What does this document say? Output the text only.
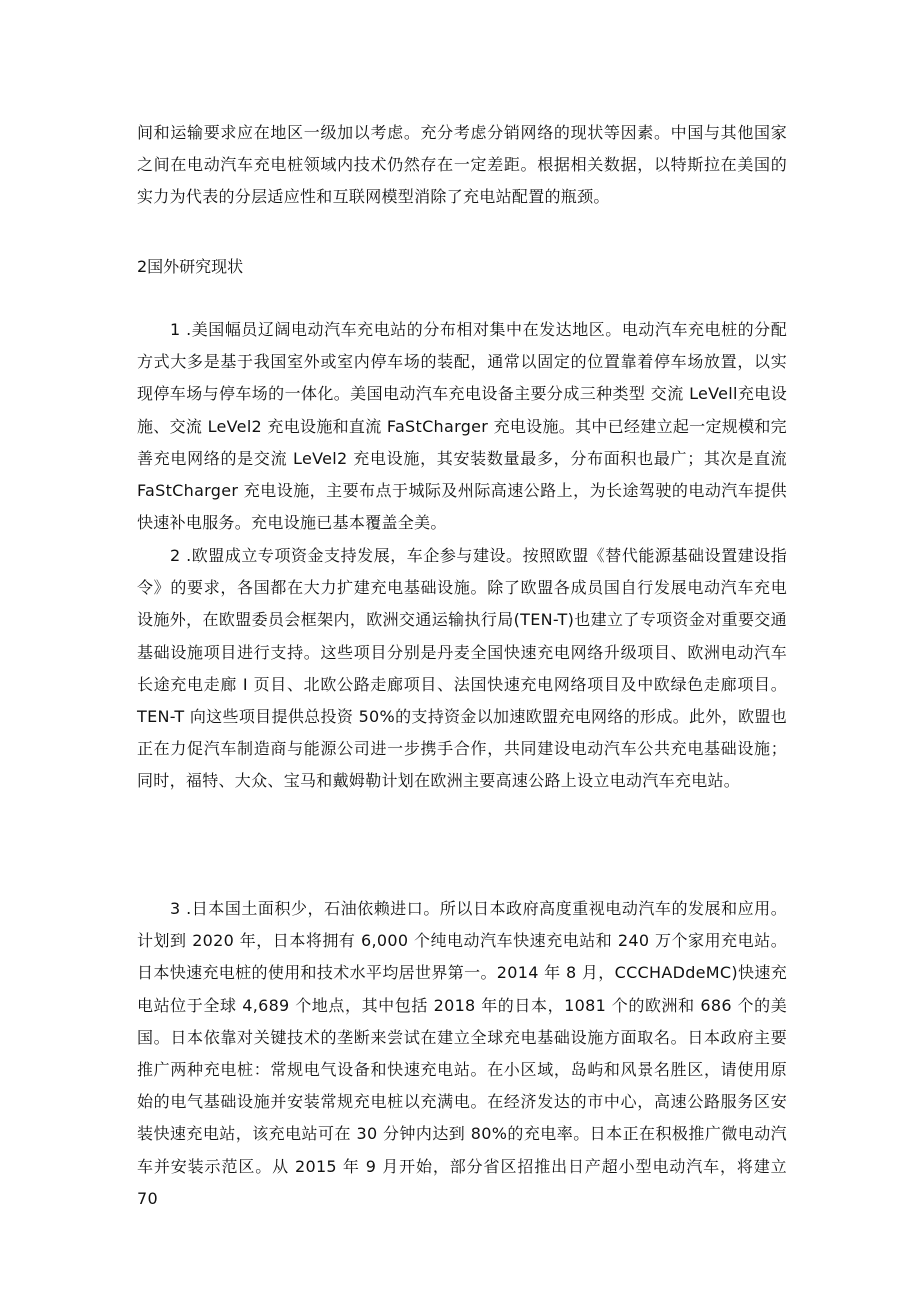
间和运输要求应在地区一级加以考虑。充分考虑分销网络的现状等因素。中国与其他国家之间在电动汽车充电桩领域内技术仍然存在一定差距。根据相关数据，以特斯拉在美国的实力为代表的分层适应性和互联网模型消除了充电站配置的瓶颈。

2国外研究现状

1 .美国幅员辽阔电动汽车充电站的分布相对集中在发达地区。电动汽车充电桩的分配方式大多是基于我国室外或室内停车场的装配，通常以固定的位置靠着停车场放置，以实现停车场与停车场的一体化。美国电动汽车充电设备主要分成三种类型 交流 LeVell充电设施、交流 LeVel2 充电设施和直流 FaStCharger 充电设施。其中已经建立起一定规模和完善充电网络的是交流 LeVel2 充电设施，其安装数量最多，分布面积也最广；其次是直流 FaStCharger 充电设施，主要布点于城际及州际高速公路上，为长途驾驶的电动汽车提供快速补电服务。充电设施已基本覆盖全美。

2 .欧盟成立专项资金支持发展，车企参与建设。按照欧盟《替代能源基础设置建设指令》的要求，各国都在大力扩建充电基础设施。除了欧盟各成员国自行发展电动汽车充电设施外，在欧盟委员会框架内，欧洲交通运输执行局(TEN-T)也建立了专项资金对重要交通基础设施项目进行支持。这些项目分别是丹麦全国快速充电网络升级项目、欧洲电动汽车长途充电走廊 I 页目、北欧公路走廊项目、法国快速充电网络项目及中欧绿色走廊项目。TEN-T 向这些项目提供总投资 50%的支持资金以加速欧盟充电网络的形成。此外，欧盟也正在力促汽车制造商与能源公司进一步携手合作，共同建设电动汽车公共充电基础设施；同时，福特、大众、宝马和戴姆勒计划在欧洲主要高速公路上设立电动汽车充电站。

3 .日本国土面积少，石油依赖进口。所以日本政府高度重视电动汽车的发展和应用。计划到 2020 年，日本将拥有 6,000 个纯电动汽车快速充电站和 240 万个家用充电站。日本快速充电桩的使用和技术水平均居世界第一。2014 年 8 月，CCCHADdeMC)快速充电站位于全球 4,689 个地点，其中包括 2018 年的日本，1081 个的欧洲和 686 个的美国。日本依靠对关键技术的垄断来尝试在建立全球充电基础设施方面取名。日本政府主要推广两种充电桩：常规电气设备和快速充电站。在小区域，岛屿和风景名胜区，请使用原始的电气基础设施并安装常规充电桩以充满电。在经济发达的市中心，高速公路服务区安装快速充电站，该充电站可在 30 分钟内达到 80%的充电率。日本正在积极推广微电动汽车并安装示范区。从 2015 年 9 月开始，部分省区招推出日产超小型电动汽车，将建立 70
